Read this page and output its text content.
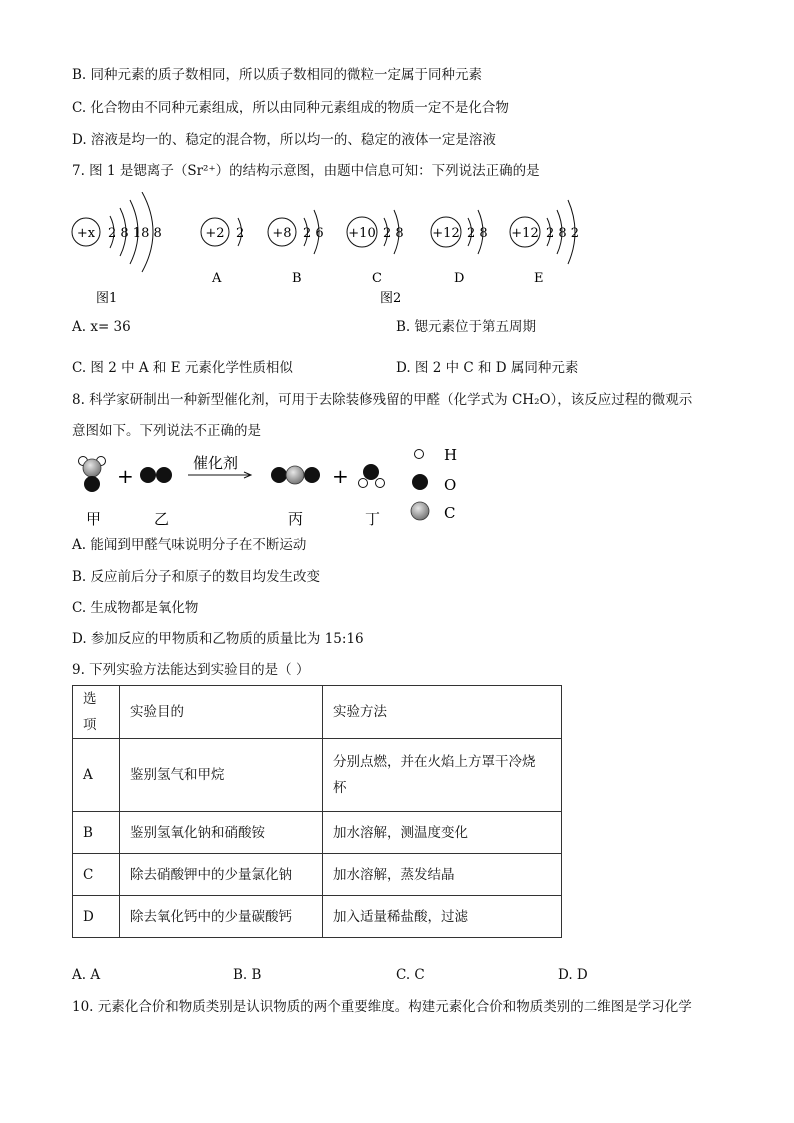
B. 同种元素的质子数相同，所以质子数相同的微粒一定属于同种元素
C. 化合物由不同种元素组成，所以由同种元素组成的物质一定不是化合物
D. 溶液是均一的、稳定的混合物，所以均一的、稳定的液体一定是溶液
7. 图 1 是锶离子（Sr²⁺）的结构示意图，由题中信息可知：下列说法正确的是
+x 2 8 18 8
图1
+2 2
A
+8 2 6
B
+10 2 8
C
图2
+12 2 8
D
+12 2 8 2
E
A. x= 36	B. 锶元素位于第五周期
C. 图 2 中 A 和 E 元素化学性质相似	D. 图 2 中 C 和 D 属同种元素
8. 科学家研制出一种新型催化剂，可用于去除装修残留的甲醛（化学式为 CH₂O），该反应过程的微观示
意图如下。下列说法不正确的是
+
催化剂
+
甲	乙	丙	丁
H
O
C
A. 能闻到甲醛气味说明分子在不断运动
B. 反应前后分子和原子的数目均发生改变
C. 生成物都是氧化物
D. 参加反应的甲物质和乙物质的质量比为 15:16
9. 下列实验方法能达到实验目的是（ ）
选项	实验目的	实验方法
A	鉴别氢气和甲烷	分别点燃，并在火焰上方罩干冷烧
杯

B	鉴别氢氧化钠和硝酸铵	加水溶解，测温度变化
C	除去硝酸钾中的少量氯化钠	加水溶解，蒸发结晶
D	除去氧化钙中的少量碳酸钙	加入适量稀盐酸，过滤
A. A	B. B	C. C	D. D
10. 元素化合价和物质类别是认识物质的两个重要维度。构建元素化合价和物质类别的二维图是学习化学
